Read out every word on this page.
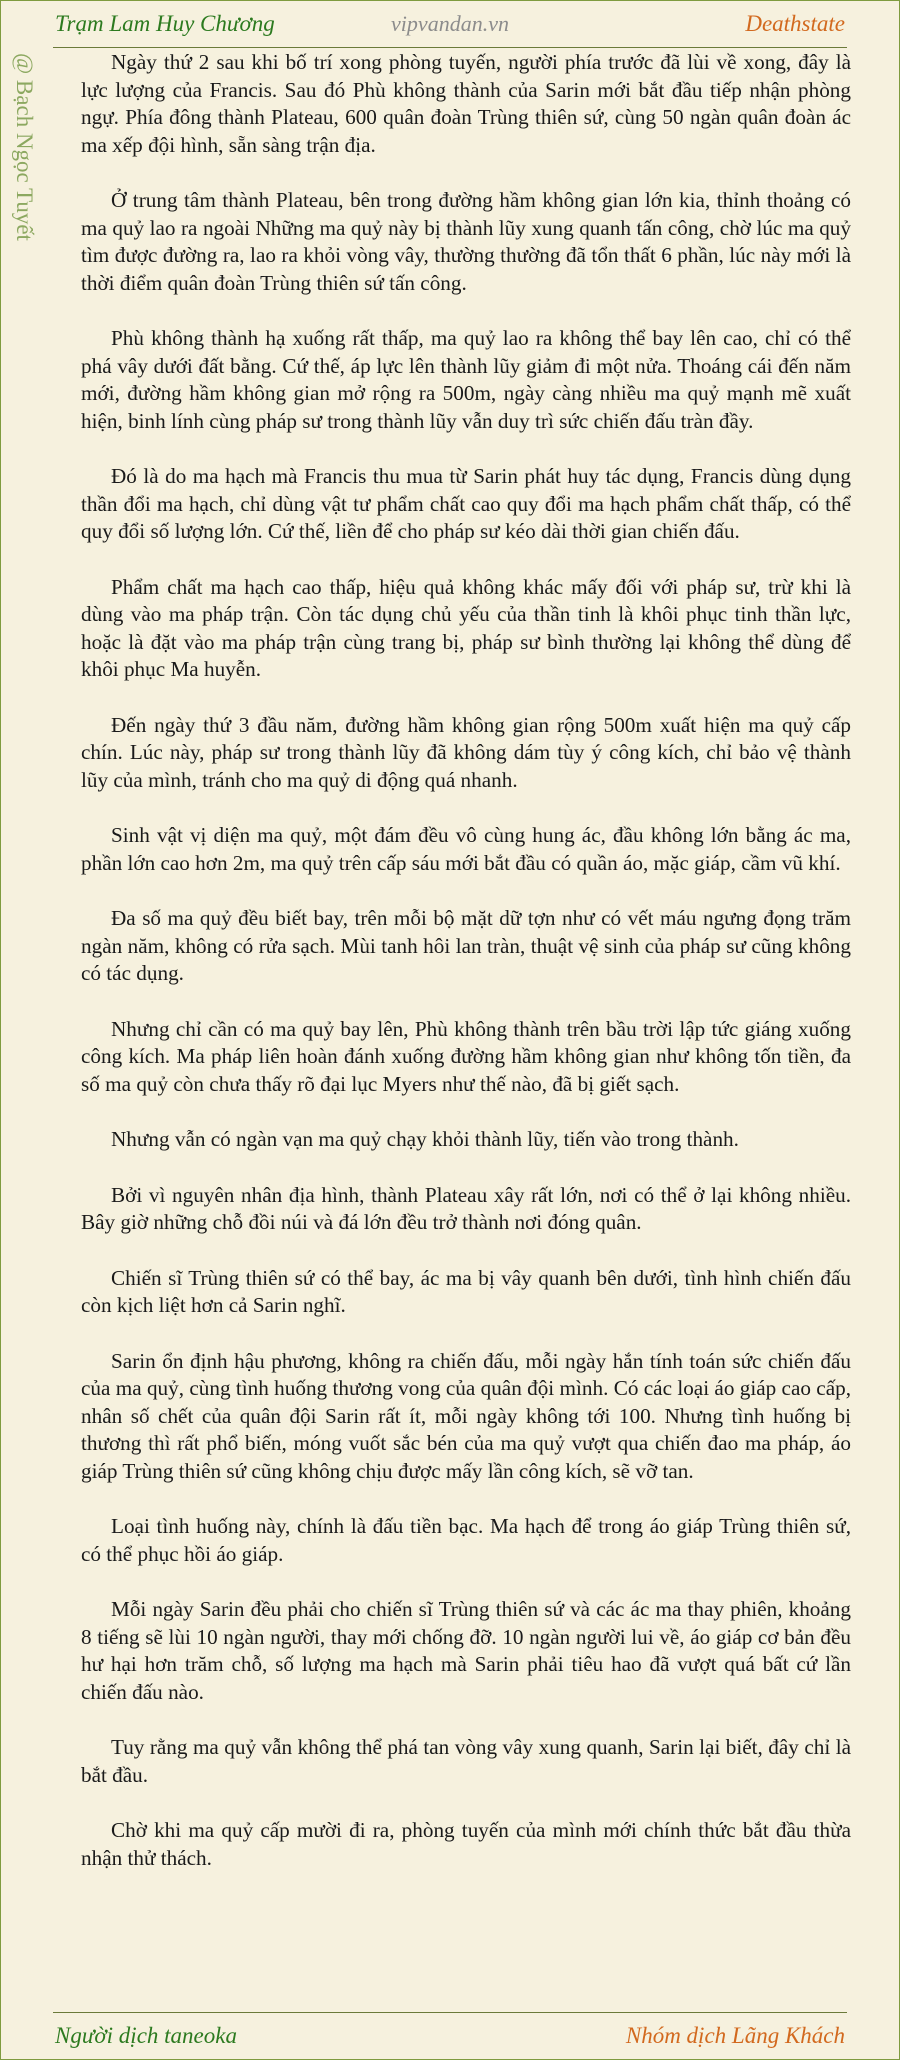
Trạm Lam Huy Chương	vipvandan.vn	Deathstate
@ Bạch Ngọc Tuyết	Ngày thứ 2 sau khi bố trí xong phòng tuyến, người phía trước đã lùi về xong, đây là lực lượng của Francis. Sau đó Phù không thành của Sarin mới bắt đầu tiếp nhận phòng ngự. Phía đông thành Plateau, 600 quân đoàn Trùng thiên sứ, cùng 50 ngàn quân đoàn ác ma xếp đội hình, sẵn sàng trận địa.

Ở trung tâm thành Plateau, bên trong đường hầm không gian lớn kia, thỉnh thoảng có ma quỷ lao ra ngoài Những ma quỷ này bị thành lũy xung quanh tấn công, chờ lúc ma quỷ tìm được đường ra, lao ra khỏi vòng vây, thường thường đã tổn thất 6 phần, lúc này mới là thời điểm quân đoàn Trùng thiên sứ tấn công.

Phù không thành hạ xuống rất thấp, ma quỷ lao ra không thể bay lên cao, chỉ có thể phá vây dưới đất bằng. Cứ thế, áp lực lên thành lũy giảm đi một nửa. Thoáng cái đến năm mới, đường hầm không gian mở rộng ra 500m, ngày càng nhiều ma quỷ mạnh mẽ xuất hiện, binh lính cùng pháp sư trong thành lũy vẫn duy trì sức chiến đấu tràn đầy.

Đó là do ma hạch mà Francis thu mua từ Sarin phát huy tác dụng, Francis dùng dụng thần đổi ma hạch, chỉ dùng vật tư phẩm chất cao quy đổi ma hạch phẩm chất thấp, có thể quy đổi số lượng lớn. Cứ thế, liền để cho pháp sư kéo dài thời gian chiến đấu.

Phẩm chất ma hạch cao thấp, hiệu quả không khác mấy đối với pháp sư, trừ khi là dùng vào ma pháp trận. Còn tác dụng chủ yếu của thần tinh là khôi phục tinh thần lực, hoặc là đặt vào ma pháp trận cùng trang bị, pháp sư bình thường lại không thể dùng để khôi phục Ma huyễn.

Đến ngày thứ 3 đầu năm, đường hầm không gian rộng 500m xuất hiện ma quỷ cấp chín. Lúc này, pháp sư trong thành lũy đã không dám tùy ý công kích, chỉ bảo vệ thành lũy của mình, tránh cho ma quỷ di động quá nhanh.

Sinh vật vị diện ma quỷ, một đám đều vô cùng hung ác, đầu không lớn bằng ác ma, phần lớn cao hơn 2m, ma quỷ trên cấp sáu mới bắt đầu có quần áo, mặc giáp, cầm vũ khí.

Đa số ma quỷ đều biết bay, trên mỗi bộ mặt dữ tợn như có vết máu ngưng đọng trăm ngàn năm, không có rửa sạch. Mùi tanh hôi lan tràn, thuật vệ sinh của pháp sư cũng không có tác dụng.

Nhưng chỉ cần có ma quỷ bay lên, Phù không thành trên bầu trời lập tức giáng xuống công kích. Ma pháp liên hoàn đánh xuống đường hầm không gian như không tốn tiền, đa số ma quỷ còn chưa thấy rõ đại lục Myers như thế nào, đã bị giết sạch.

Nhưng vẫn có ngàn vạn ma quỷ chạy khỏi thành lũy, tiến vào trong thành.

Bởi vì nguyên nhân địa hình, thành Plateau xây rất lớn, nơi có thể ở lại không nhiều. Bây giờ những chỗ đồi núi và đá lớn đều trở thành nơi đóng quân.

Chiến sĩ Trùng thiên sứ có thể bay, ác ma bị vây quanh bên dưới, tình hình chiến đấu còn kịch liệt hơn cả Sarin nghĩ.

Sarin ổn định hậu phương, không ra chiến đấu, mỗi ngày hắn tính toán sức chiến đấu của ma quỷ, cùng tình huống thương vong của quân đội mình. Có các loại áo giáp cao cấp, nhân số chết của quân đội Sarin rất ít, mỗi ngày không tới 100. Nhưng tình huống bị thương thì rất phổ biến, móng vuốt sắc bén của ma quỷ vượt qua chiến đao ma pháp, áo giáp Trùng thiên sứ cũng không chịu được mấy lần công kích, sẽ vỡ tan.

Loại tình huống này, chính là đấu tiền bạc. Ma hạch để trong áo giáp Trùng thiên sứ, có thể phục hồi áo giáp.

Mỗi ngày Sarin đều phải cho chiến sĩ Trùng thiên sứ và các ác ma thay phiên, khoảng 8 tiếng sẽ lùi 10 ngàn người, thay mới chống đỡ. 10 ngàn người lui về, áo giáp cơ bản đều hư hại hơn trăm chỗ, số lượng ma hạch mà Sarin phải tiêu hao đã vượt quá bất cứ lần chiến đấu nào.

Tuy rằng ma quỷ vẫn không thể phá tan vòng vây xung quanh, Sarin lại biết, đây chỉ là bắt đầu.

Chờ khi ma quỷ cấp mười đi ra, phòng tuyến của mình mới chính thức bắt đầu thừa nhận thử thách.

Người dịch taneoka	Nhóm dịch Lãng Khách
